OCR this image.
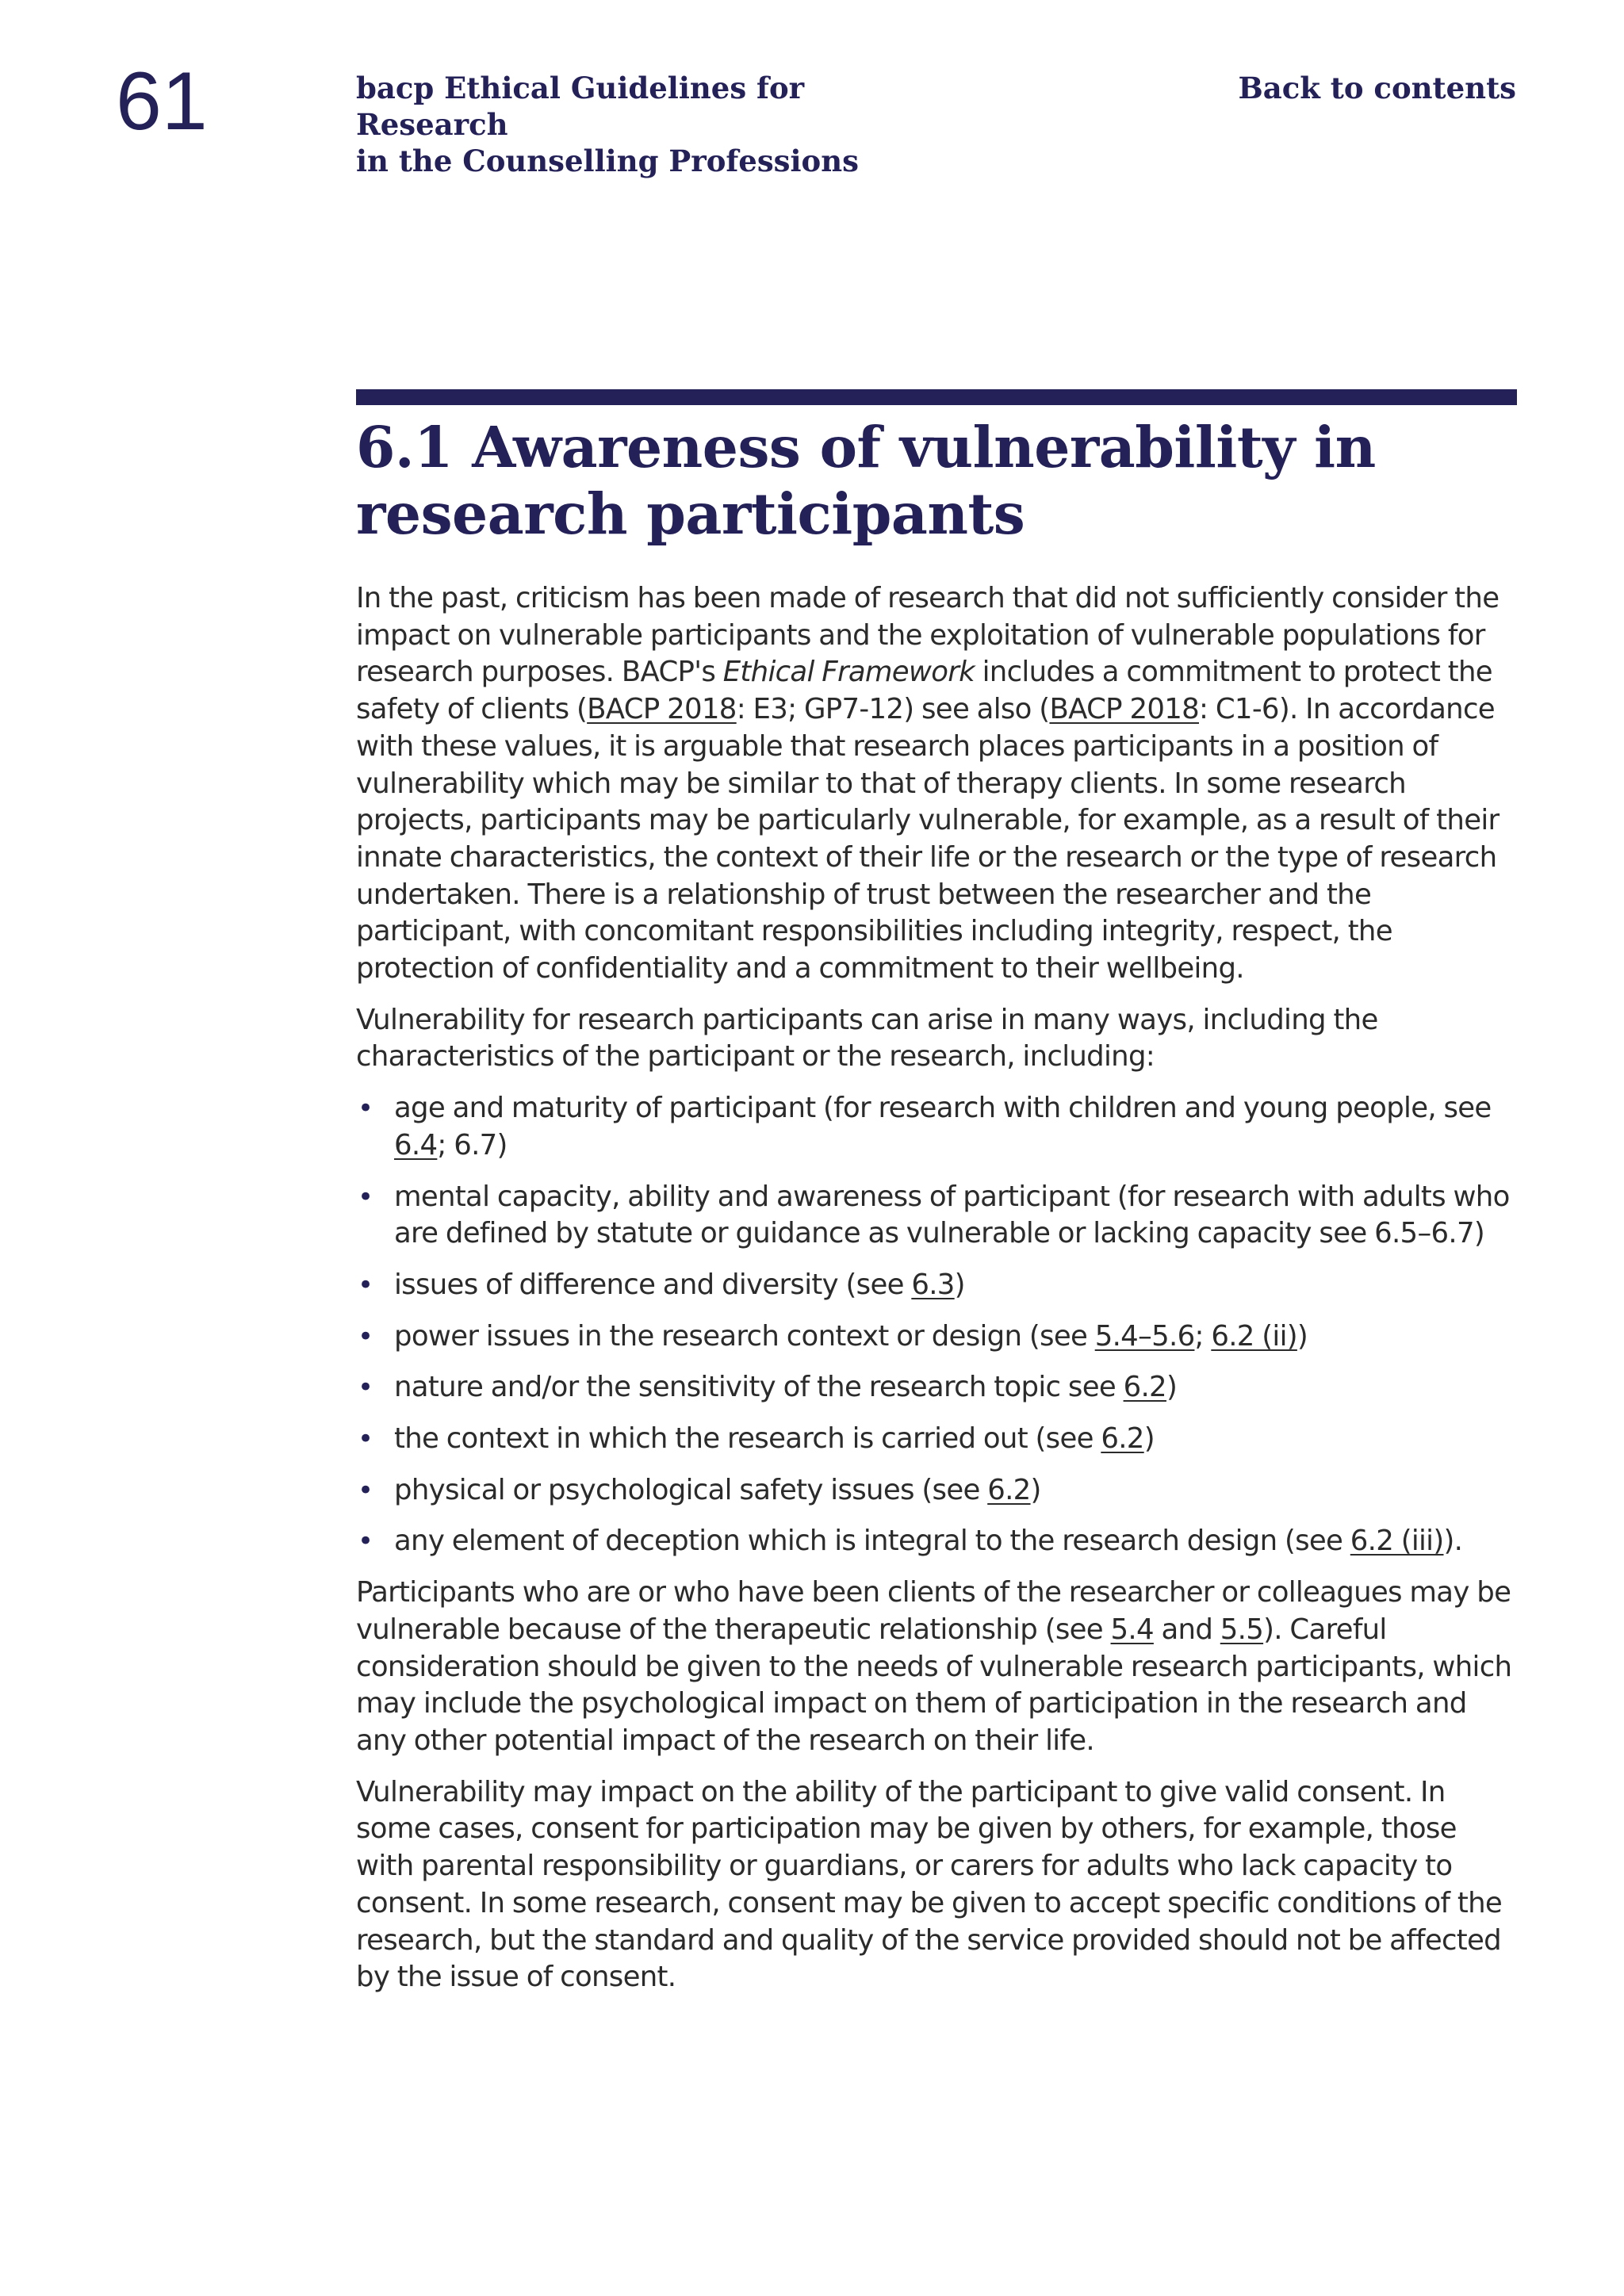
61	bacp Ethical Guidelines for Research
in the Counselling Professions
Back to contents
6.1 Awareness of vulnerability in research participants

In the past, criticism has been made of research that did not sufficiently consider the impact on vulnerable participants and the exploitation of vulnerable populations for research purposes. BACP's Ethical Framework includes a commitment to protect the safety of clients (BACP 2018: E3; GP7-12) see also (BACP 2018: C1-6). In accordance with these values, it is arguable that research places participants in a position of vulnerability which may be similar to that of therapy clients. In some research projects, participants may be particularly vulnerable, for example, as a result of their innate characteristics, the context of their life or the research or the type of research undertaken. There is a relationship of trust between the researcher and the participant, with concomitant responsibilities including integrity, respect, the protection of confidentiality and a commitment to their wellbeing.

Vulnerability for research participants can arise in many ways, including the characteristics of the participant or the research, including:

• age and maturity of participant (for research with children and young people, see 6.4; 6.7)
• mental capacity, ability and awareness of participant (for research with adults who are defined by statute or guidance as vulnerable or lacking capacity see 6.5–6.7)
• issues of difference and diversity (see 6.3)
• power issues in the research context or design (see 5.4–5.6; 6.2 (ii))
• nature and/or the sensitivity of the research topic see 6.2)
• the context in which the research is carried out (see 6.2)
• physical or psychological safety issues (see 6.2)
• any element of deception which is integral to the research design (see 6.2 (iii)).

Participants who are or who have been clients of the researcher or colleagues may be vulnerable because of the therapeutic relationship (see 5.4 and 5.5). Careful consideration should be given to the needs of vulnerable research participants, which may include the psychological impact on them of participation in the research and any other potential impact of the research on their life.

Vulnerability may impact on the ability of the participant to give valid consent. In some cases, consent for participation may be given by others, for example, those with parental responsibility or guardians, or carers for adults who lack capacity to consent. In some research, consent may be given to accept specific conditions of the research, but the standard and quality of the service provided should not be affected by the issue of consent.
